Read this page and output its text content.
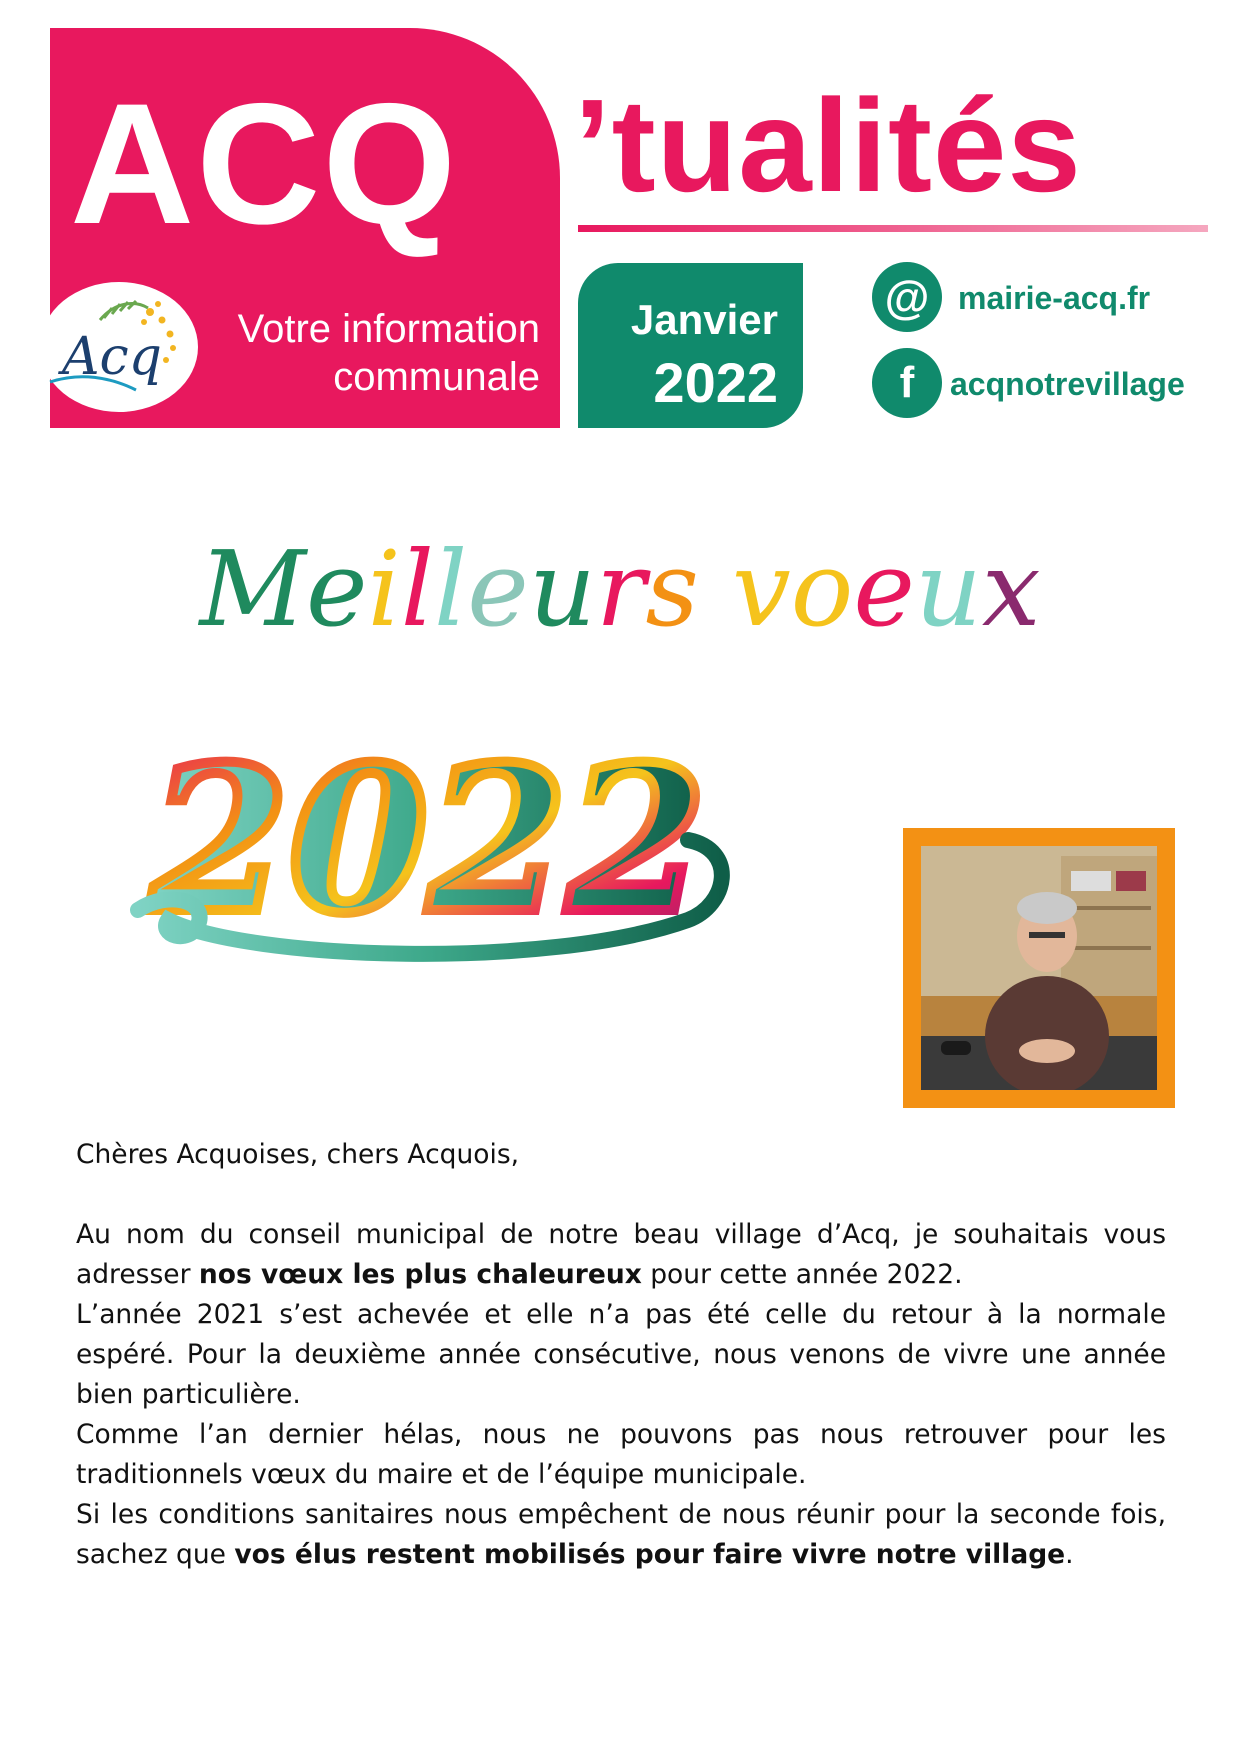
ACQ ’tualités
Acq	Votre information
communale
Janvier
2022
@ mairie-acq.fr
f	acqnotrevillage
Meilleurs voeux
2022

Chères Acquoises, chers Acquois,

Au nom du conseil municipal de notre beau village d’Acq, je souhaitais vous adresser nos vœux les plus chaleureux pour cette année 2022.

L’année 2021 s’est achevée et elle n’a pas été celle du retour à la normale espéré. Pour la deuxième année consécutive, nous venons de vivre une année bien particulière.

Comme l’an dernier hélas, nous ne pouvons pas nous retrouver pour les traditionnels vœux du maire et de l’équipe municipale.

Si les conditions sanitaires nous empêchent de nous réunir pour la seconde fois, sachez que vos élus restent mobilisés pour faire vivre notre village.
